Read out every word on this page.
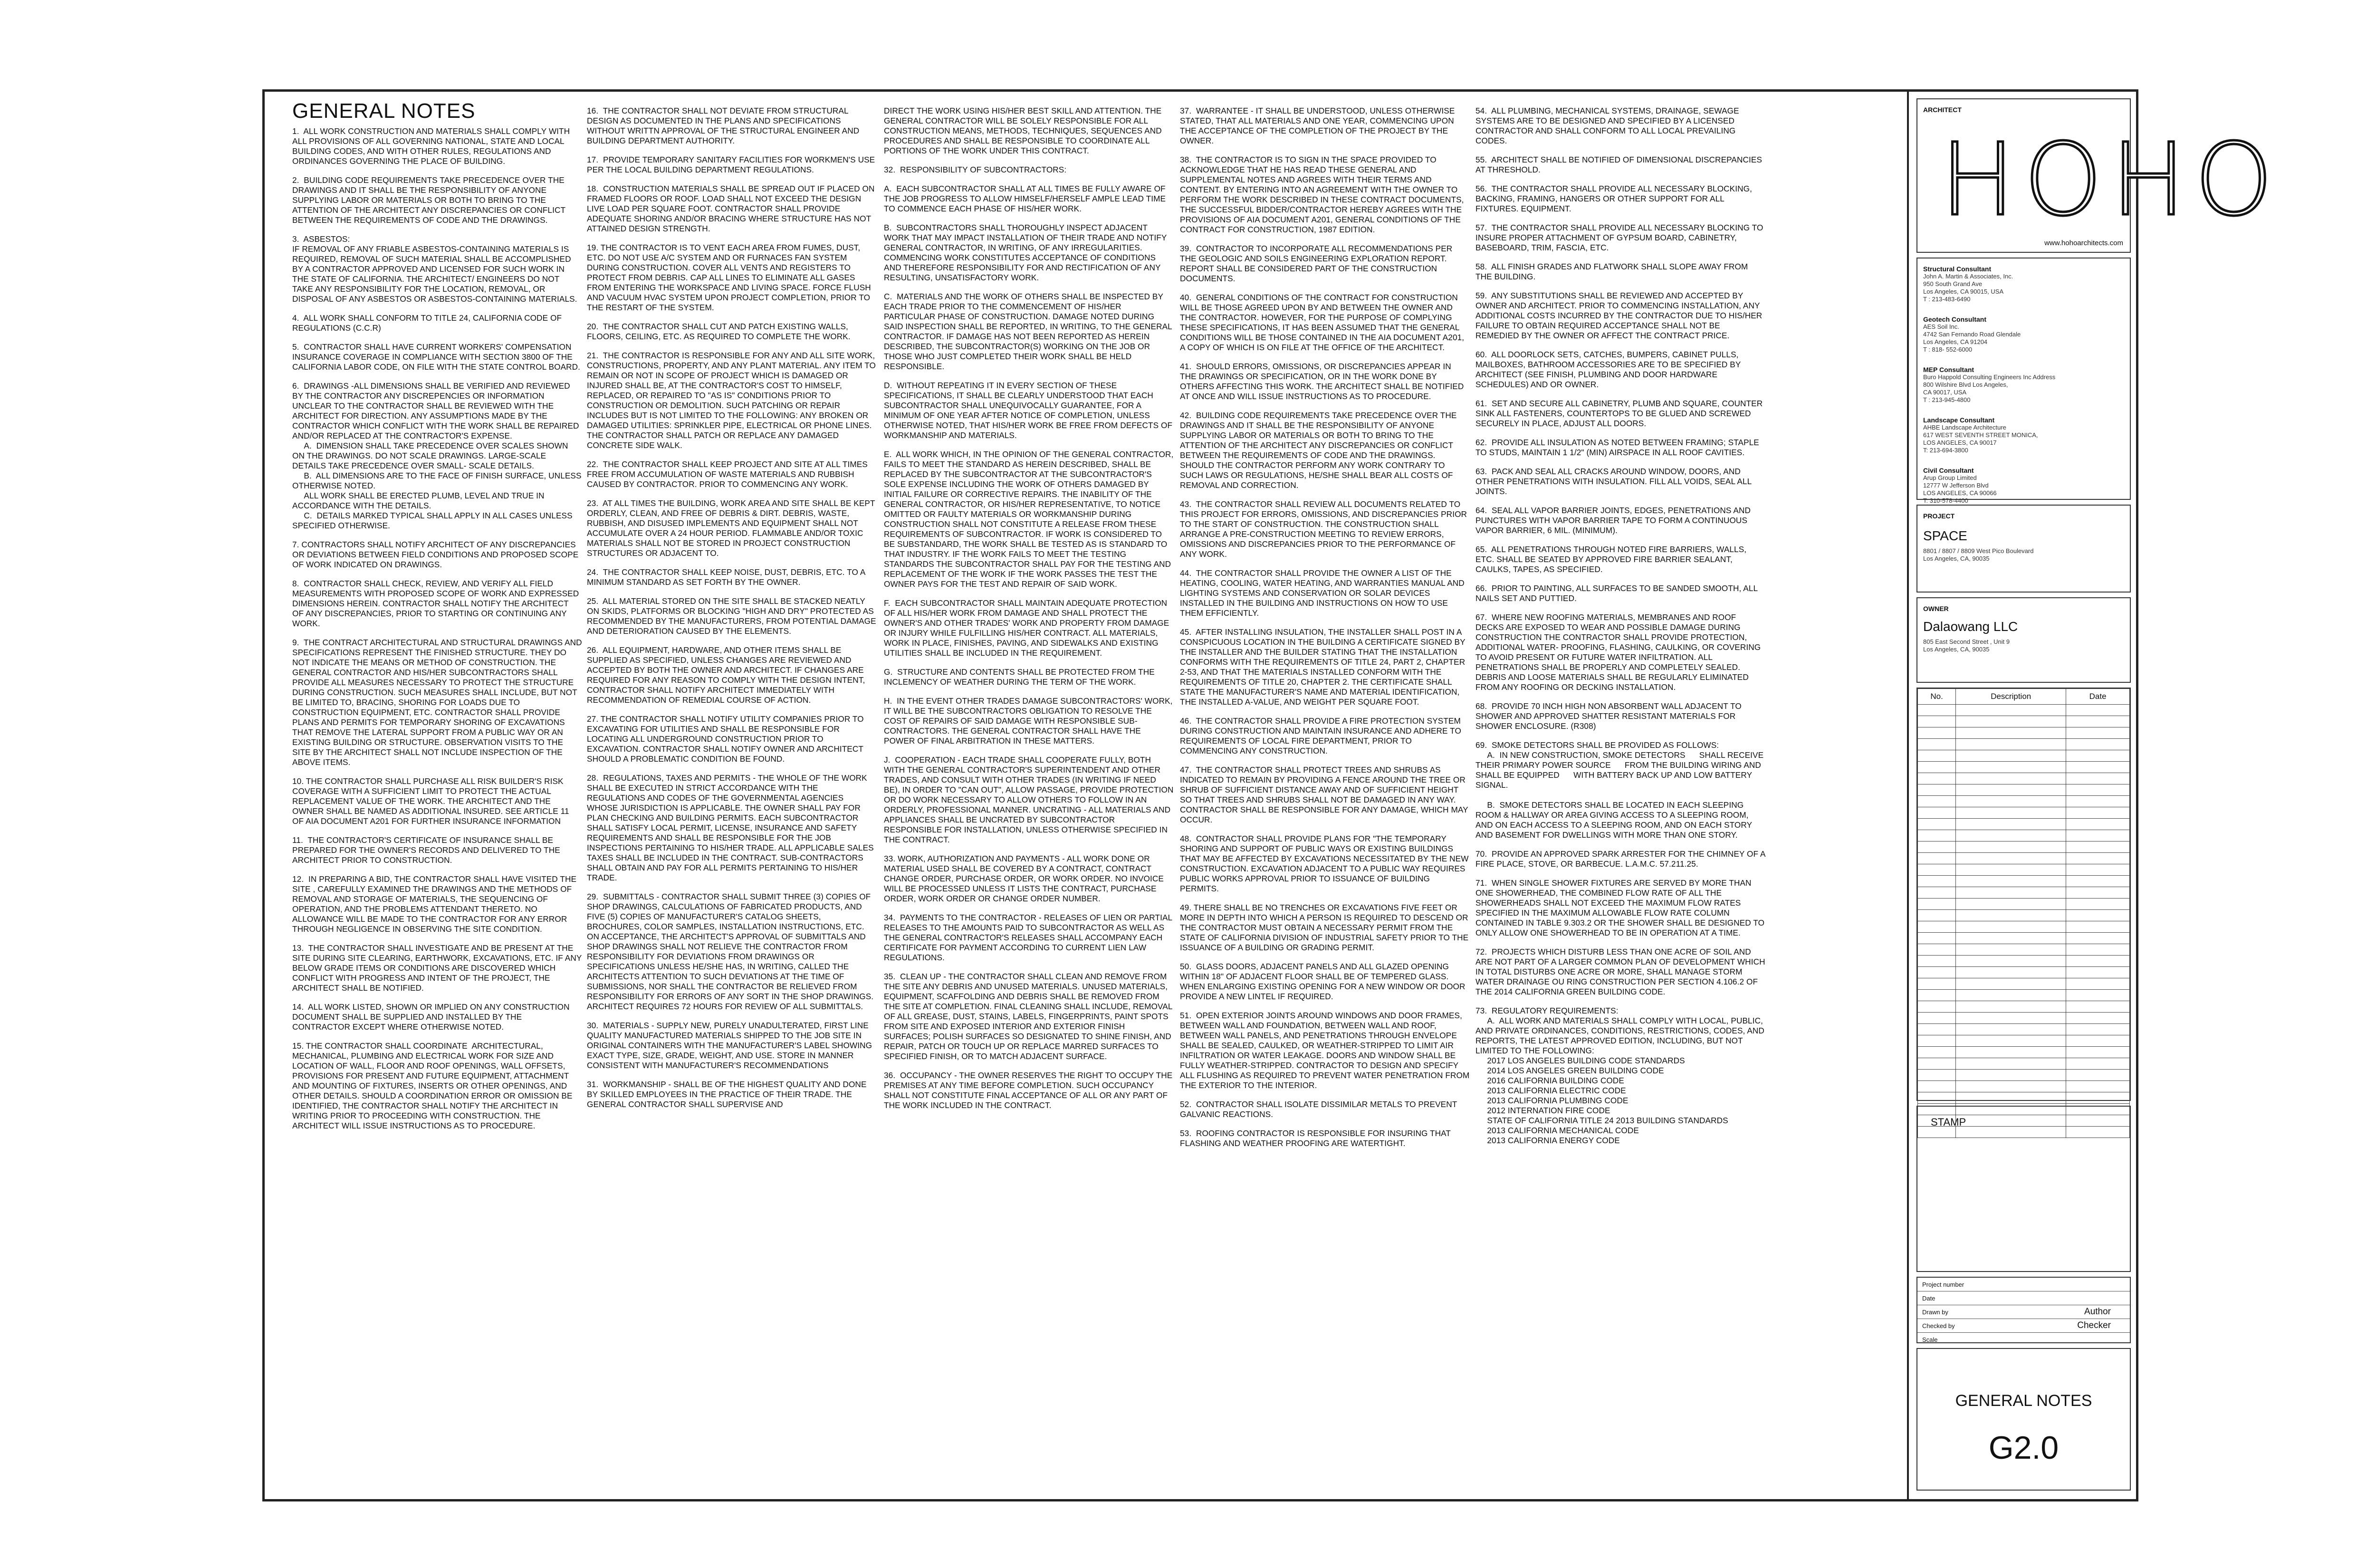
GENERAL NOTES

1.  ALL WORK CONSTRUCTION AND MATERIALS SHALL COMPLY WITH ALL PROVISIONS OF ALL GOVERNING NATIONAL, STATE AND LOCAL BUILDING CODES, AND WITH OTHER RULES, REGULATIONS AND ORDINANCES GOVERNING THE PLACE OF BUILDING.

2.  BUILDING CODE REQUIREMENTS TAKE PRECEDENCE OVER THE DRAWINGS AND IT SHALL BE THE RESPONSIBILITY OF ANYONE SUPPLYING LABOR OR MATERIALS OR BOTH TO BRING TO THE ATTENTION OF THE ARCHITECT ANY DISCREPANCIES OR CONFLICT BETWEEN THE REQUIREMENTS OF CODE AND THE DRAWINGS.

3.  ASBESTOS:
IF REMOVAL OF ANY FRIABLE ASBESTOS-CONTAINING MATERIALS IS REQUIRED, REMOVAL OF SUCH MATERIAL SHALL BE ACCOMPLISHED BY A CONTRACTOR APPROVED AND LICENSED FOR SUCH WORK IN THE STATE OF CALIFORNIA. THE ARCHITECT/ ENGINEERS DO NOT TAKE ANY RESPONSIBILITY FOR THE LOCATION, REMOVAL, OR DISPOSAL OF ANY ASBESTOS OR ASBESTOS-CONTAINING MATERIALS.

4.  ALL WORK SHALL CONFORM TO TITLE 24, CALIFORNIA CODE OF REGULATIONS (C.C.R)

5.  CONTRACTOR SHALL HAVE CURRENT WORKERS' COMPENSATION INSURANCE COVERAGE IN COMPLIANCE WITH SECTION 3800 OF THE CALIFORNIA LABOR CODE, ON FILE WITH THE STATE CONTROL BOARD.

6.  DRAWINGS -ALL DIMENSIONS SHALL BE VERIFIED AND REVIEWED BY THE CONTRACTOR ANY DISCREPENCIES OR INFORMATION UNCLEAR TO THE CONTRACTOR SHALL BE REVIEWED WITH THE ARCHITECT FOR DIRECTION. ANY ASSUMPTIONS MADE BY THE CONTRACTOR WHICH CONFLICT WITH THE WORK SHALL BE REPAIRED AND/OR REPLACED AT THE CONTRACTOR'S EXPENSE.
A.  DIMENSION SHALL TAKE PRECEDENCE OVER SCALES SHOWN ON THE DRAWINGS. DO NOT SCALE DRAWINGS. LARGE-SCALE DETAILS TAKE PRECEDENCE OVER SMALL- SCALE DETAILS.
B.  ALL DIMENSIONS ARE TO THE FACE OF FINISH SURFACE, UNLESS OTHERWISE NOTED.
ALL WORK SHALL BE ERECTED PLUMB, LEVEL AND TRUE IN ACCORDANCE WITH THE DETAILS.
C.  DETAILS MARKED TYPICAL SHALL APPLY IN ALL CASES UNLESS SPECIFIED OTHERWISE.

7. CONTRACTORS SHALL NOTIFY ARCHITECT OF ANY DISCREPANCIES OR DEVIATIONS BETWEEN FIELD CONDITIONS AND PROPOSED SCOPE OF WORK INDICATED ON DRAWINGS.

8.  CONTRACTOR SHALL CHECK, REVIEW, AND VERIFY ALL FIELD MEASUREMENTS WITH PROPOSED SCOPE OF WORK AND EXPRESSED DIMENSIONS HEREIN. CONTRACTOR SHALL NOTIFY THE ARCHITECT OF ANY DISCREPANCIES, PRIOR TO STARTING OR CONTINUING ANY WORK.

9.  THE CONTRACT ARCHITECTURAL AND STRUCTURAL DRAWINGS AND SPECIFICATIONS REPRESENT THE FINISHED STRUCTURE. THEY DO NOT INDICATE THE MEANS OR METHOD OF CONSTRUCTION. THE GENERAL CONTRACTOR AND HIS/HER SUBCONTRACTORS SHALL PROVIDE ALL MEASURES NECESSARY TO PROTECT THE STRUCTURE DURING CONSTRUCTION. SUCH MEASURES SHALL INCLUDE, BUT NOT BE LIMITED TO, BRACING, SHORING FOR LOADS DUE TO CONSTRUCTION EQUIPMENT, ETC. CONTRACTOR SHALL PROVIDE PLANS AND PERMITS FOR TEMPORARY SHORING OF EXCAVATIONS THAT REMOVE THE LATERAL SUPPORT FROM A PUBLIC WAY OR AN EXISTING BUILDING OR STRUCTURE. OBSERVATION VISITS TO THE SITE BY THE ARCHITECT SHALL NOT INCLUDE INSPECTION OF THE ABOVE ITEMS.

10. THE CONTRACTOR SHALL PURCHASE ALL RISK BUILDER'S RISK COVERAGE WITH A SUFFICIENT LIMIT TO PROTECT THE ACTUAL REPLACEMENT VALUE OF THE WORK. THE ARCHITECT AND THE OWNER SHALL BE NAMED AS ADDITIONAL INSURED. SEE ARTICLE 11 OF AIA DOCUMENT A201 FOR FURTHER INSURANCE INFORMATION

11.  THE CONTRACTOR'S CERTIFICATE OF INSURANCE SHALL BE PREPARED FOR THE OWNER'S RECORDS AND DELIVERED TO THE ARCHITECT PRIOR TO CONSTRUCTION.

12.  IN PREPARING A BID, THE CONTRACTOR SHALL HAVE VISITED THE SITE , CAREFULLY EXAMINED THE DRAWINGS AND THE METHODS OF REMOVAL AND STORAGE OF MATERIALS, THE SEQUENCING OF OPERATION, AND THE PROBLEMS ATTENDANT THERETO. NO ALLOWANCE WILL BE MADE TO THE CONTRACTOR FOR ANY ERROR THROUGH NEGLIGENCE IN OBSERVING THE SITE CONDITION.

13.  THE CONTRACTOR SHALL INVESTIGATE AND BE PRESENT AT THE SITE DURING SITE CLEARING, EARTHWORK, EXCAVATIONS, ETC. IF ANY BELOW GRADE ITEMS OR CONDITIONS ARE DISCOVERED WHICH CONFLICT WITH PROGRESS AND INTENT OF THE PROJECT, THE ARCHITECT SHALL BE NOTIFIED.

14.  ALL WORK LISTED, SHOWN OR IMPLIED ON ANY CONSTRUCTION DOCUMENT SHALL BE SUPPLIED AND INSTALLED BY THE CONTRACTOR EXCEPT WHERE OTHERWISE NOTED.

15. THE CONTRACTOR SHALL COORDINATE  ARCHITECTURAL, MECHANICAL, PLUMBING AND ELECTRICAL WORK FOR SIZE AND LOCATION OF WALL, FLOOR AND ROOF OPENINGS, WALL OFFSETS, PROVISIONS FOR PRESENT AND FUTURE EQUIPMENT, ATTACHMENT AND MOUNTING OF FIXTURES, INSERTS OR OTHER OPENINGS, AND OTHER DETAILS. SHOULD A COORDINATION ERROR OR OMISSION BE IDENTIFIED, THE CONTRACTOR SHALL NOTIFY THE ARCHITECT IN WRITING PRIOR TO PROCEEDING WITH CONSTRUCTION. THE ARCHITECT WILL ISSUE INSTRUCTIONS AS TO PROCEDURE.

16.  THE CONTRACTOR SHALL NOT DEVIATE FROM STRUCTURAL DESIGN AS DOCUMENTED IN THE PLANS AND SPECIFICATIONS WITHOUT WRITTN APPROVAL OF THE STRUCTURAL ENGINEER AND BUILDING DEPARTMENT AUTHORITY.

17.  PROVIDE TEMPORARY SANITARY FACILITIES FOR WORKMEN'S USE PER THE LOCAL BUILDING DEPARTMENT REGULATIONS.

18.  CONSTRUCTION MATERIALS SHALL BE SPREAD OUT IF PLACED ON FRAMED FLOORS OR ROOF. LOAD SHALL NOT EXCEED THE DESIGN LIVE LOAD PER SQUARE FOOT. CONTRACTOR SHALL PROVIDE ADEQUATE SHORING AND/OR BRACING WHERE STRUCTURE HAS NOT ATTAINED DESIGN STRENGTH.

19. THE CONTRACTOR IS TO VENT EACH AREA FROM FUMES, DUST, ETC. DO NOT USE A/C SYSTEM AND OR FURNACES FAN SYSTEM DURING CONSTRUCTION. COVER ALL VENTS AND REGISTERS TO PROTECT FROM DEBRIS. CAP ALL LINES TO ELIMINATE ALL GASES FROM ENTERING THE WORKSPACE AND LIVING SPACE. FORCE FLUSH AND VACUUM HVAC SYSTEM UPON PROJECT COMPLETION, PRIOR TO THE RESTART OF THE SYSTEM.

20.  THE CONTRACTOR SHALL CUT AND PATCH EXISTING WALLS, FLOORS, CEILING, ETC. AS REQUIRED TO COMPLETE THE WORK.

21.  THE CONTRACTOR IS RESPONSIBLE FOR ANY AND ALL SITE WORK, CONSTRUCTIONS, PROPERTY, AND ANY PLANT MATERIAL. ANY ITEM TO REMAIN OR NOT IN SCOPE OF PROJECT WHICH IS DAMAGED OR INJURED SHALL BE, AT THE CONTRACTOR'S COST TO HIMSELF, REPLACED, OR REPAIRED TO "AS IS" CONDITIONS PRIOR TO CONSTRUCTION OR DEMOLITION. SUCH PATCHING OR REPAIR INCLUDES BUT IS NOT LIMITED TO THE FOLLOWING: ANY BROKEN OR DAMAGED UTILITIES: SPRINKLER PIPE, ELECTRICAL OR PHONE LINES. THE CONTRACTOR SHALL PATCH OR REPLACE ANY DAMAGED CONCRETE SIDE WALK.

22.  THE CONTRACTOR SHALL KEEP PROJECT AND SITE AT ALL TIMES FREE FROM ACCUMULATION OF WASTE MATERIALS AND RUBBISH CAUSED BY CONTRACTOR. PRIOR TO COMMENCING ANY WORK.

23.  AT ALL TIMES THE BUILDING, WORK AREA AND SITE SHALL BE KEPT ORDERLY, CLEAN, AND FREE OF DEBRIS & DIRT. DEBRIS, WASTE, RUBBISH, AND DISUSED IMPLEMENTS AND EQUIPMENT SHALL NOT ACCUMULATE OVER A 24 HOUR PERIOD. FLAMMABLE AND/OR TOXIC MATERIALS SHALL NOT BE STORED IN PROJECT CONSTRUCTION STRUCTURES OR ADJACENT TO.

24.  THE CONTRACTOR SHALL KEEP NOISE, DUST, DEBRIS, ETC. TO A MINIMUM STANDARD AS SET FORTH BY THE OWNER.

25.  ALL MATERIAL STORED ON THE SITE SHALL BE STACKED NEATLY ON SKIDS, PLATFORMS OR BLOCKING "HIGH AND DRY" PROTECTED AS RECOMMENDED BY THE MANUFACTURERS, FROM POTENTIAL DAMAGE AND DETERIORATION CAUSED BY THE ELEMENTS.

26.  ALL EQUIPMENT, HARDWARE, AND OTHER ITEMS SHALL BE SUPPLIED AS SPECIFIED, UNLESS CHANGES ARE REVIEWED AND ACCEPTED BY BOTH THE OWNER AND ARCHITECT. IF CHANGES ARE REQUIRED FOR ANY REASON TO COMPLY WITH THE DESIGN INTENT, CONTRACTOR SHALL NOTIFY ARCHITECT IMMEDIATELY WITH RECOMMENDATION OF REMEDIAL COURSE OF ACTION.

27. THE CONTRACTOR SHALL NOTIFY UTILITY COMPANIES PRIOR TO EXCAVATING FOR UTILITIES AND SHALL BE RESPONSIBLE FOR LOCATING ALL UNDERGROUND CONSTRUCTION PRIOR TO EXCAVATION. CONTRACTOR SHALL NOTIFY OWNER AND ARCHITECT SHOULD A PROBLEMATIC CONDITION BE FOUND.

28.  REGULATIONS, TAXES AND PERMITS - THE WHOLE OF THE WORK SHALL BE EXECUTED IN STRICT ACCORDANCE WITH THE REGULATIONS AND CODES OF THE GOVERNMENTAL AGENCIES WHOSE JURISDICTION IS APPLICABLE. THE OWNER SHALL PAY FOR PLAN CHECKING AND BUILDING PERMITS. EACH SUBCONTRACTOR SHALL SATISFY LOCAL PERMIT, LICENSE, INSURANCE AND SAFETY REQUIREMENTS AND SHALL BE RESPONSIBLE FOR THE JOB INSPECTIONS PERTAINING TO HIS/HER TRADE. ALL APPLICABLE SALES TAXES SHALL BE INCLUDED IN THE CONTRACT. SUB-CONTRACTORS SHALL OBTAIN AND PAY FOR ALL PERMITS PERTAINING TO HIS/HER TRADE.

29.  SUBMITTALS - CONTRACTOR SHALL SUBMIT THREE (3) COPIES OF SHOP DRAWINGS, CALCULATIONS OF FABRICATED PRODUCTS, AND FIVE (5) COPIES OF MANUFACTURER'S CATALOG SHEETS, BROCHURES, COLOR SAMPLES, INSTALLATION INSTRUCTIONS, ETC. ON ACCEPTANCE, THE ARCHITECT'S APPROVAL OF SUBMITTALS AND SHOP DRAWINGS SHALL NOT RELIEVE THE CONTRACTOR FROM RESPONSIBILITY FOR DEVIATIONS FROM DRAWINGS OR SPECIFICATIONS UNLESS HE/SHE HAS, IN WRITING, CALLED THE ARCHITECTS ATTENTION TO SUCH DEVIATIONS AT THE TIME OF SUBMISSIONS, NOR SHALL THE CONTRACTOR BE RELIEVED FROM RESPONSIBILITY FOR ERRORS OF ANY SORT IN THE SHOP DRAWINGS. ARCHITECT REQUIRES 72 HOURS FOR REVIEW OF ALL SUBMITTALS.

30.  MATERIALS - SUPPLY NEW, PURELY UNADULTERATED, FIRST LINE QUALITY MANUFACTURED MATERIALS SHIPPED TO THE JOB SITE IN ORIGINAL CONTAINERS WITH THE MANUFACTURER'S LABEL SHOWING EXACT TYPE, SIZE, GRADE, WEIGHT, AND USE. STORE IN MANNER CONSISTENT WITH MANUFACTURER'S RECOMMENDATIONS

31.  WORKMANSHIP - SHALL BE OF THE HIGHEST QUALITY AND DONE BY SKILLED EMPLOYEES IN THE PRACTICE OF THEIR TRADE. THE GENERAL CONTRACTOR SHALL SUPERVISE AND

DIRECT THE WORK USING HIS/HER BEST SKILL AND ATTENTION. THE GENERAL CONTRACTOR WILL BE SOLELY RESPONSIBLE FOR ALL CONSTRUCTION MEANS, METHODS, TECHNIQUES, SEQUENCES AND PROCEDURES AND SHALL BE RESPONSIBLE TO COORDINATE ALL PORTIONS OF THE WORK UNDER THIS CONTRACT.

32.  RESPONSIBILITY OF SUBCONTRACTORS:

A.  EACH SUBCONTRACTOR SHALL AT ALL TIMES BE FULLY AWARE OF THE JOB PROGRESS TO ALLOW HIMSELF/HERSELF AMPLE LEAD TIME TO COMMENCE EACH PHASE OF HIS/HER WORK.

B.  SUBCONTRACTORS SHALL THOROUGHLY INSPECT ADJACENT WORK THAT MAY IMPACT INSTALLATION OF THEIR TRADE AND NOTIFY GENERAL CONTRACTOR, IN WRITING, OF ANY IRREGULARITIES. COMMENCING WORK CONSTITUTES ACCEPTANCE OF CONDITIONS AND THEREFORE RESPONSIBILITY FOR AND RECTIFICATION OF ANY RESULTING, UNSATISFACTORY WORK.

C.  MATERIALS AND THE WORK OF OTHERS SHALL BE INSPECTED BY EACH TRADE PRIOR TO THE COMMENCEMENT OF HIS/HER PARTICULAR PHASE OF CONSTRUCTION. DAMAGE NOTED DURING SAID INSPECTION SHALL BE REPORTED, IN WRITING, TO THE GENERAL CONTRACTOR. IF DAMAGE HAS NOT BEEN REPORTED AS HEREIN DESCRIBED, THE SUBCONTRACTOR(S) WORKING ON THE JOB OR THOSE WHO JUST COMPLETED THEIR WORK SHALL BE HELD RESPONSIBLE.

D.  WITHOUT REPEATING IT IN EVERY SECTION OF THESE SPECIFICATIONS, IT SHALL BE CLEARLY UNDERSTOOD THAT EACH SUBCONTRACTOR SHALL UNEQUIVOCALLY GUARANTEE, FOR A MINIMUM OF ONE YEAR AFTER NOTICE OF COMPLETION, UNLESS OTHERWISE NOTED, THAT HIS/HER WORK BE FREE FROM DEFECTS OF WORKMANSHIP AND MATERIALS.

E.  ALL WORK WHICH, IN THE OPINION OF THE GENERAL CONTRACTOR, FAILS TO MEET THE STANDARD AS HEREIN DESCRIBED, SHALL BE REPLACED BY THE SUBCONTRACTOR AT THE SUBCONTRACTOR'S SOLE EXPENSE INCLUDING THE WORK OF OTHERS DAMAGED BY INITIAL FAILURE OR CORRECTIVE REPAIRS. THE INABILITY OF THE GENERAL CONTRACTOR, OR HIS/HER REPRESENTATIVE, TO NOTICE OMITTED OR FAULTY MATERIALS OR WORKMANSHIP DURING CONSTRUCTION SHALL NOT CONSTITUTE A RELEASE FROM THESE REQUIREMENTS OF SUBCONTRACTOR. IF WORK IS CONSIDERED TO BE SUBSTANDARD, THE WORK SHALL BE TESTED AS IS STANDARD TO THAT INDUSTRY. IF THE WORK FAILS TO MEET THE TESTING STANDARDS THE SUBCONTRACTOR SHALL PAY FOR THE TESTING AND REPLACEMENT OF THE WORK IF THE WORK PASSES THE TEST THE OWNER PAYS FOR THE TEST AND REPAIR OF SAID WORK.

F.  EACH SUBCONTRACTOR SHALL MAINTAIN ADEQUATE PROTECTION OF ALL HIS/HER WORK FROM DAMAGE AND SHALL PROTECT THE OWNER'S AND OTHER TRADES' WORK AND PROPERTY FROM DAMAGE OR INJURY WHILE FULFILLING HIS/HER CONTRACT. ALL MATERIALS, WORK IN PLACE, FINISHES, PAVING, AND SIDEWALKS AND EXISTING UTILITIES SHALL BE INCLUDED IN THE REQUIREMENT.

G.  STRUCTURE AND CONTENTS SHALL BE PROTECTED FROM THE INCLEMENCY OF WEATHER DURING THE TERM OF THE WORK.

H.  IN THE EVENT OTHER TRADES DAMAGE SUBCONTRACTORS' WORK, IT WILL BE THE SUBCONTRACTORS OBLIGATION TO RESOLVE THE COST OF REPAIRS OF SAID DAMAGE WITH RESPONSIBLE SUB- CONTRACTORS. THE GENERAL CONTRACTOR SHALL HAVE THE POWER OF FINAL ARBITRATION IN THESE MATTERS.

J.  COOPERATION - EACH TRADE SHALL COOPERATE FULLY, BOTH WITH THE GENERAL CONTRACTOR'S SUPERINTENDENT AND OTHER TRADES, AND CONSULT WITH OTHER TRADES (IN WRITING IF NEED BE), IN ORDER TO "CAN OUT", ALLOW PASSAGE, PROVIDE PROTECTION OR DO WORK NECESSARY TO ALLOW OTHERS TO FOLLOW IN AN ORDERLY, PROFESSIONAL MANNER. UNCRATING - ALL MATERIALS AND APPLIANCES SHALL BE UNCRATED BY SUBCONTRACTOR RESPONSIBLE FOR INSTALLATION, UNLESS OTHERWISE SPECIFIED IN THE CONTRACT.

33. WORK, AUTHORIZATION AND PAYMENTS - ALL WORK DONE OR MATERIAL USED SHALL BE COVERED BY A CONTRACT, CONTRACT CHANGE ORDER, PURCHASE ORDER, OR WORK ORDER. NO INVOICE WILL BE PROCESSED UNLESS IT LISTS THE CONTRACT, PURCHASE ORDER, WORK ORDER OR CHANGE ORDER NUMBER.

34.  PAYMENTS TO THE CONTRACTOR - RELEASES OF LIEN OR PARTIAL RELEASES TO THE AMOUNTS PAID TO SUBCONTRACTOR AS WELL AS THE GENERAL CONTRACTOR'S RELEASES SHALL ACCOMPANY EACH CERTIFICATE FOR PAYMENT ACCORDING TO CURRENT LIEN LAW REGULATIONS.

35.  CLEAN UP - THE CONTRACTOR SHALL CLEAN AND REMOVE FROM THE SITE ANY DEBRIS AND UNUSED MATERIALS. UNUSED MATERIALS, EQUIPMENT, SCAFFOLDING AND DEBRIS SHALL BE REMOVED FROM THE SITE AT COMPLETION. FINAL CLEANING SHALL INCLUDE, REMOVAL OF ALL GREASE, DUST, STAINS, LABELS, FINGERPRINTS, PAINT SPOTS FROM SITE AND EXPOSED INTERIOR AND EXTERIOR FINISH SURFACES; POLISH SURFACES SO DESIGNATED TO SHINE FINISH, AND REPAIR, PATCH OR TOUCH UP OR REPLACE MARRED SURFACES TO SPECIFIED FINISH, OR TO MATCH ADJACENT SURFACE.

36.  OCCUPANCY - THE OWNER RESERVES THE RIGHT TO OCCUPY THE PREMISES AT ANY TIME BEFORE COMPLETION. SUCH OCCUPANCY SHALL NOT CONSTITUTE FINAL ACCEPTANCE OF ALL OR ANY PART OF THE WORK INCLUDED IN THE CONTRACT.

37.  WARRANTEE - IT SHALL BE UNDERSTOOD, UNLESS OTHERWISE STATED, THAT ALL MATERIALS AND ONE YEAR, COMMENCING UPON THE ACCEPTANCE OF THE COMPLETION OF THE PROJECT BY THE OWNER.

38.  THE CONTRACTOR IS TO SIGN IN THE SPACE PROVIDED TO ACKNOWLEDGE THAT HE HAS READ THESE GENERAL AND SUPPLEMENTAL NOTES AND AGREES WITH THEIR TERMS AND CONTENT. BY ENTERING INTO AN AGREEMENT WITH THE OWNER TO PERFORM THE WORK DESCRIBED IN THESE CONTRACT DOCUMENTS, THE SUCCESSFUL BIDDER/CONTRACTOR HEREBY AGREES WITH THE PROVISIONS OF AIA DOCUMENT A201, GENERAL CONDITIONS OF THE CONTRACT FOR CONSTRUCTION, 1987 EDITION.

39.  CONTRACTOR TO INCORPORATE ALL RECOMMENDATIONS PER THE GEOLOGIC AND SOILS ENGINEERING EXPLORATION REPORT. REPORT SHALL BE CONSIDERED PART OF THE CONSTRUCTION DOCUMENTS.

40.  GENERAL CONDITIONS OF THE CONTRACT FOR CONSTRUCTION WILL BE THOSE AGREED UPON BY AND BETWEEN THE OWNER AND THE CONTRACTOR. HOWEVER, FOR THE PURPOSE OF COMPLYING THESE SPECIFICATIONS, IT HAS BEEN ASSUMED THAT THE GENERAL CONDITIONS WILL BE THOSE CONTAINED IN THE AIA DOCUMENT A201, A COPY OF WHICH IS ON FILE AT THE OFFICE OF THE ARCHITECT.

41.  SHOULD ERRORS, OMISSIONS, OR DISCREPANCIES APPEAR IN THE DRAWINGS OR SPECIFICATION, OR IN THE WORK DONE BY OTHERS AFFECTING THIS WORK. THE ARCHITECT SHALL BE NOTIFIED AT ONCE AND WILL ISSUE INSTRUCTIONS AS TO PROCEDURE.

42.  BUILDING CODE REQUIREMENTS TAKE PRECEDENCE OVER THE DRAWINGS AND IT SHALL BE THE RESPONSIBILITY OF ANYONE SUPPLYING LABOR OR MATERIALS OR BOTH TO BRING TO THE ATTENTION OF THE ARCHITECT ANY DISCREPANCIES OR CONFLICT BETWEEN THE REQUIREMENTS OF CODE AND THE DRAWINGS. SHOULD THE CONTRACTOR PERFORM ANY WORK CONTRARY TO SUCH LAWS OR REGULATIONS, HE/SHE SHALL BEAR ALL COSTS OF REMOVAL AND CORRECTION.

43.  THE CONTRACTOR SHALL REVIEW ALL DOCUMENTS RELATED TO THIS PROJECT FOR ERRORS, OMISSIONS, AND DISCREPANCIES PRIOR TO THE START OF CONSTRUCTION. THE CONSTRUCTION SHALL ARRANGE A PRE-CONSTRUCTION MEETING TO REVIEW ERRORS, OMISSIONS AND DISCREPANCIES PRIOR TO THE PERFORMANCE OF ANY WORK.

44.  THE CONTRACTOR SHALL PROVIDE THE OWNER A LIST OF THE HEATING, COOLING, WATER HEATING, AND WARRANTIES MANUAL AND LIGHTING SYSTEMS AND CONSERVATION OR SOLAR DEVICES INSTALLED IN THE BUILDING AND INSTRUCTIONS ON HOW TO USE THEM EFFICIENTLY.

45.  AFTER INSTALLING INSULATION, THE INSTALLER SHALL POST IN A CONSPICUOUS LOCATION IN THE BUILDING A CERTIFICATE SIGNED BY THE INSTALLER AND THE BUILDER STATING THAT THE INSTALLATION CONFORMS WITH THE REQUIREMENTS OF TITLE 24, PART 2, CHAPTER 2-53, AND THAT THE MATERIALS INSTALLED CONFORM WITH THE REQUIREMENTS OF TITLE 20, CHAPTER 2. THE CERTIFICATE SHALL STATE THE MANUFACTURER'S NAME AND MATERIAL IDENTIFICATION, THE INSTALLED A-VALUE, AND WEIGHT PER SQUARE FOOT.

46.  THE CONTRACTOR SHALL PROVIDE A FIRE PROTECTION SYSTEM DURING CONSTRUCTION AND MAINTAIN INSURANCE AND ADHERE TO REQUIREMENTS OF LOCAL FIRE DEPARTMENT, PRIOR TO COMMENCING ANY CONSTRUCTION.

47.  THE CONTRACTOR SHALL PROTECT TREES AND SHRUBS AS INDICATED TO REMAIN BY PROVIDING A FENCE AROUND THE TREE OR SHRUB OF SUFFICIENT DISTANCE AWAY AND OF SUFFICIENT HEIGHT SO THAT TREES AND SHRUBS SHALL NOT BE DAMAGED IN ANY WAY. CONTRACTOR SHALL BE RESPONSIBLE FOR ANY DAMAGE, WHICH MAY OCCUR.

48.  CONTRACTOR SHALL PROVIDE PLANS FOR "THE TEMPORARY SHORING AND SUPPORT OF PUBLIC WAYS OR EXISTING BUILDINGS THAT MAY BE AFFECTED BY EXCAVATIONS NECESSITATED BY THE NEW CONSTRUCTION. EXCAVATION ADJACENT TO A PUBLIC WAY REQUIRES PUBLIC WORKS APPROVAL PRIOR TO ISSUANCE OF BUILDING PERMITS.

49. THERE SHALL BE NO TRENCHES OR EXCAVATIONS FIVE FEET OR MORE IN DEPTH INTO WHICH A PERSON IS REQUIRED TO DESCEND OR THE CONTRACTOR MUST OBTAIN A NECESSARY PERMIT FROM THE STATE OF CALIFORNIA DIVISION OF INDUSTRIAL SAFETY PRIOR TO THE ISSUANCE OF A BUILDING OR GRADING PERMIT.

50.  GLASS DOORS, ADJACENT PANELS AND ALL GLAZED OPENING WITHIN 18" OF ADJACENT FLOOR SHALL BE OF TEMPERED GLASS. WHEN ENLARGING EXISTING OPENING FOR A NEW WINDOW OR DOOR PROVIDE A NEW LINTEL IF REQUIRED.

51.  OPEN EXTERIOR JOINTS AROUND WINDOWS AND DOOR FRAMES, BETWEEN WALL AND FOUNDATION, BETWEEN WALL AND ROOF, BETWEEN WALL PANELS, AND PENETRATIONS THROUGH ENVELOPE SHALL BE SEALED, CAULKED, OR WEATHER-STRIPPED TO LIMIT AIR INFILTRATION OR WATER LEAKAGE. DOORS AND WINDOW SHALL BE FULLY WEATHER-STRIPPED. CONTRACTOR TO DESIGN AND SPECIFY ALL FLUSHING AS REQUIRED TO PREVENT WATER PENETRATION FROM THE EXTERIOR TO THE INTERIOR.

52.  CONTRACTOR SHALL ISOLATE DISSIMILAR METALS TO PREVENT GALVANIC REACTIONS.

53.  ROOFING CONTRACTOR IS RESPONSIBLE FOR INSURING THAT FLASHING AND WEATHER PROOFING ARE WATERTIGHT.

54.  ALL PLUMBING, MECHANICAL SYSTEMS, DRAINAGE, SEWAGE SYSTEMS ARE TO BE DESIGNED AND SPECIFIED BY A LICENSED CONTRACTOR AND SHALL CONFORM TO ALL LOCAL PREVAILING CODES.

55.  ARCHITECT SHALL BE NOTIFIED OF DIMENSIONAL DISCREPANCIES AT THRESHOLD.

56.  THE CONTRACTOR SHALL PROVIDE ALL NECESSARY BLOCKING, BACKING, FRAMING, HANGERS OR OTHER SUPPORT FOR ALL FIXTURES. EQUIPMENT.

57.  THE CONTRACTOR SHALL PROVIDE ALL NECESSARY BLOCKING TO INSURE PROPER ATTACHMENT OF GYPSUM BOARD, CABINETRY, BASEBOARD, TRIM, FASCIA, ETC.

58.  ALL FINISH GRADES AND FLATWORK SHALL SLOPE AWAY FROM THE BUILDING.

59.  ANY SUBSTITUTIONS SHALL BE REVIEWED AND ACCEPTED BY OWNER AND ARCHITECT. PRIOR TO COMMENCING INSTALLATION, ANY ADDITIONAL COSTS INCURRED BY THE CONTRACTOR DUE TO HIS/HER FAILURE TO OBTAIN REQUIRED ACCEPTANCE SHALL NOT BE REMEDIED BY THE OWNER OR AFFECT THE CONTRACT PRICE.

60.  ALL DOORLOCK SETS, CATCHES, BUMPERS, CABINET PULLS, MAILBOXES, BATHROOM ACCESSORIES ARE TO BE SPECIFIED BY ARCHITECT (SEE FINISH, PLUMBING AND DOOR HARDWARE SCHEDULES) AND OR OWNER.

61.  SET AND SECURE ALL CABINETRY, PLUMB AND SQUARE, COUNTER SINK ALL FASTENERS, COUNTERTOPS TO BE GLUED AND SCREWED SECURELY IN PLACE, ADJUST ALL DOORS.

62.  PROVIDE ALL INSULATION AS NOTED BETWEEN FRAMING; STAPLE TO STUDS, MAINTAIN 1 1/2" (MIN) AIRSPACE IN ALL ROOF CAVITIES.

63.  PACK AND SEAL ALL CRACKS AROUND WINDOW, DOORS, AND OTHER PENETRATIONS WITH INSULATION. FILL ALL VOIDS, SEAL ALL JOINTS.

64.  SEAL ALL VAPOR BARRIER JOINTS, EDGES, PENETRATIONS AND PUNCTURES WITH VAPOR BARRIER TAPE TO FORM A CONTINUOUS VAPOR BARRIER, 6 MIL. (MINIMUM).

65.  ALL PENETRATIONS THROUGH NOTED FIRE BARRIERS, WALLS, ETC. SHALL BE SEATED BY APPROVED FIRE BARRIER SEALANT, CAULKS, TAPES, AS SPECIFIED.

66.  PRIOR TO PAINTING, ALL SURFACES TO BE SANDED SMOOTH, ALL NAILS SET AND PUTTIED.

67.  WHERE NEW ROOFING MATERIALS, MEMBRANES AND ROOF DECKS ARE EXPOSED TO WEAR AND POSSIBLE DAMAGE DURING CONSTRUCTION THE CONTRACTOR SHALL PROVIDE PROTECTION, ADDITIONAL WATER- PROOFING, FLASHING, CAULKING, OR COVERING TO AVOID PRESENT OR FUTURE WATER INFILTRATION. ALL PENETRATIONS SHALL BE PROPERLY AND COMPLETELY SEALED. DEBRIS AND LOOSE MATERIALS SHALL BE REGULARLY ELIMINATED FROM ANY ROOFING OR DECKING INSTALLATION.

68.  PROVIDE 70 INCH HIGH NON ABSORBENT WALL ADJACENT TO SHOWER AND APPROVED SHATTER RESISTANT MATERIALS FOR SHOWER ENCLOSURE. (R308)

69.  SMOKE DETECTORS SHALL BE PROVIDED AS FOLLOWS:
A.  IN NEW CONSTRUCTION, SMOKE DETECTORS      SHALL RECEIVE THEIR PRIMARY POWER SOURCE      FROM THE BUILDING WIRING AND SHALL BE EQUIPPED      WITH BATTERY BACK UP AND LOW BATTERY SIGNAL.

B.  SMOKE DETECTORS SHALL BE LOCATED IN EACH SLEEPING ROOM & HALLWAY OR AREA GIVING ACCESS TO A SLEEPING ROOM, AND ON EACH ACCESS TO A SLEEPING ROOM, AND ON EACH STORY AND BASEMENT FOR DWELLINGS WITH MORE THAN ONE STORY.

70.  PROVIDE AN APPROVED SPARK ARRESTER FOR THE CHIMNEY OF A FIRE PLACE, STOVE, OR BARBECUE. L.A.M.C. 57.211.25.

71.  WHEN SINGLE SHOWER FIXTURES ARE SERVED BY MORE THAN ONE SHOWERHEAD, THE COMBINED FLOW RATE OF ALL THE SHOWERHEADS SHALL NOT EXCEED THE MAXIMUM FLOW RATES SPECIFIED IN THE MAXIMUM ALLOWABLE FLOW RATE COLUMN CONTAINED IN TABLE 9.303.2 OR THE SHOWER SHALL BE DESIGNED TO ONLY ALLOW ONE SHOWERHEAD TO BE IN OPERATION AT A TIME.

72.  PROJECTS WHICH DISTURB LESS THAN ONE ACRE OF SOIL AND ARE NOT PART OF A LARGER COMMON PLAN OF DEVELOPMENT WHICH IN TOTAL DISTURBS ONE ACRE OR MORE, SHALL MANAGE STORM WATER DRAINAGE OU RING CONSTRUCTION PER SECTION 4.106.2 OF THE 2014 CALIFORNIA GREEN BUILDING CODE.

73.  REGULATORY REQUIREMENTS:
A.  ALL WORK AND MATERIALS SHALL COMPLY WITH LOCAL, PUBLIC, AND PRIVATE ORDINANCES, CONDITIONS, RESTRICTIONS, CODES, AND REPORTS, THE LATEST APPROVED EDITION, INCLUDING, BUT NOT LIMITED TO THE FOLLOWING:
2017 LOS ANGELES BUILDING CODE STANDARDS
2014 LOS ANGELES GREEN BUILDING CODE
2016 CALIFORNIA BUILDING CODE
2013 CALIFORNIA ELECTRIC CODE
2013 CALIFORNIA PLUMBING CODE
2012 INTERNATION FIRE CODE
STATE OF CALIFORNIA TITLE 24 2013 BUILDING STANDARDS
2013 CALIFORNIA MECHANICAL CODE
2013 CALIFORNIA ENERGY CODE

ARCHITECT
HOHO
www.hohoarchitects.com
Structural Consultant
John A. Martin & Associates, Inc.
950 South Grand Ave
Los Angeles, CA 90015, USA
T : 213-483-6490
Geotech Consultant
AES Soil Inc.
4742 San Fernando Road Glendale
Los Angeles, CA 91204
T : 818- 552-6000
MEP Consultant
Buro Happold Consulting Engineers Inc Address
800 Wilshire Blvd Los Angeles,
CA 90017, USA
T : 213-945-4800
Landscape Consultant
AHBE Landscape Architecture
617 WEST SEVENTH STREET MONICA,
LOS ANGELES, CA 90017
T: 213-694-3800
Civil Consultant
Arup Group Limited
12777 W Jefferson Blvd
LOS ANGELES, CA 90066
T: 310-578-4400
PROJECT
SPACE
8801 / 8807 / 8809 West Pico Boulevard
Los Angeles, CA, 90035
OWNER
Dalaowang LLC
805 East Second Street , Unit 9
Los Angeles, CA, 90035
No.	Description	Date

STAMP
Project number
Date
Drawn by	Author
Checked by	Checker
Scale
GENERAL NOTES
G2.0
